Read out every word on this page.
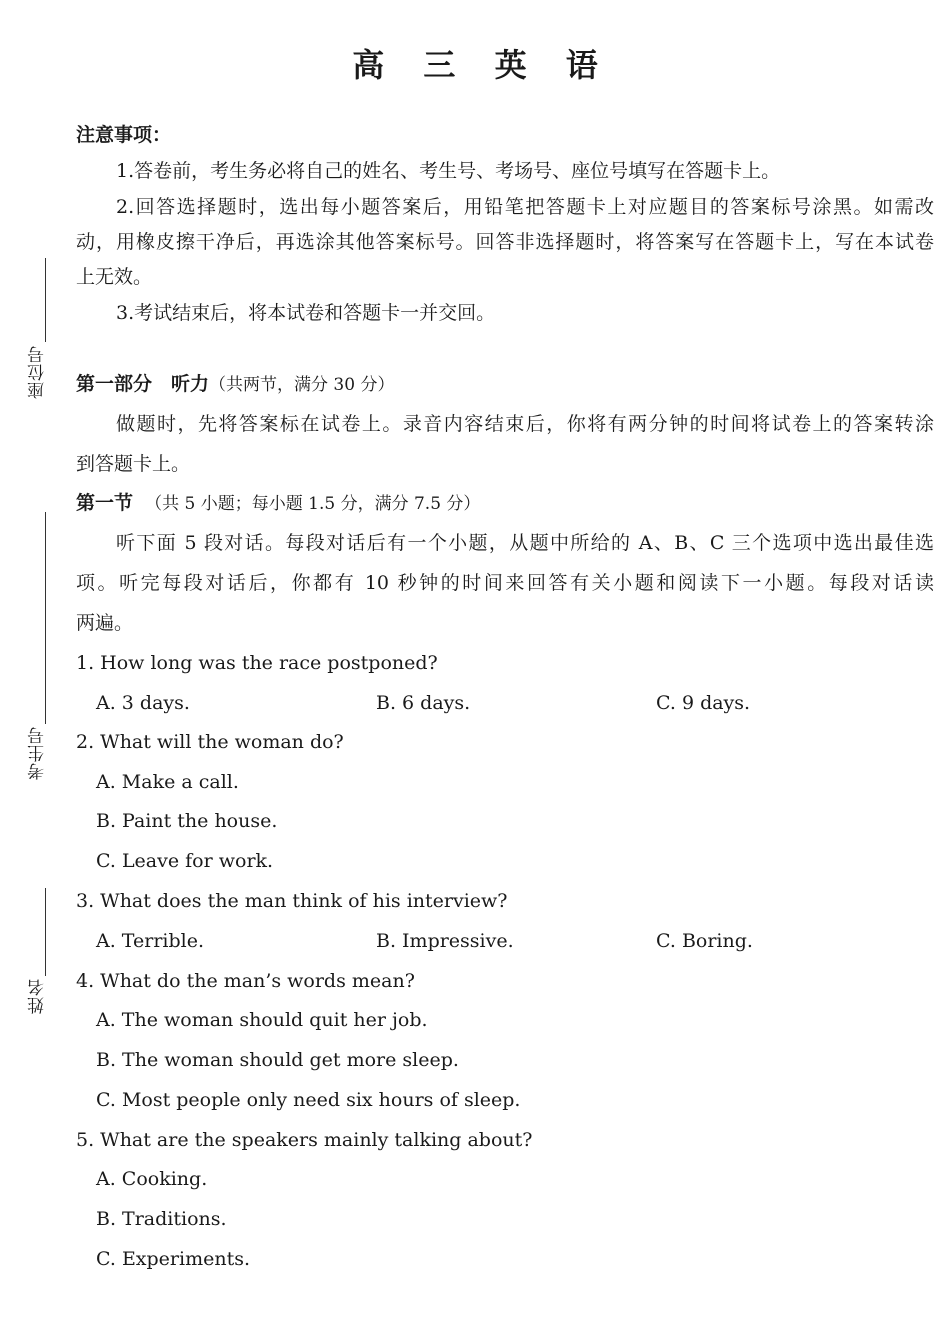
高 三 英 语
座位号
考生号
姓名
注意事项：
1.答卷前，考生务必将自己的姓名、考生号、考场号、座位号填写在答题卡上。
2.回答选择题时，选出每小题答案后，用铅笔把答题卡上对应题目的答案标号涂黑。如需改
动，用橡皮擦干净后，再选涂其他答案标号。回答非选择题时，将答案写在答题卡上，写在本试卷
上无效。
3.考试结束后，将本试卷和答题卡一并交回。
第一部分　听力（共两节，满分 30 分）
做题时，先将答案标在试卷上。录音内容结束后，你将有两分钟的时间将试卷上的答案转涂
到答题卡上。
第一节 （共 5 小题；每小题 1.5 分，满分 7.5 分）
听下面 5 段对话。每段对话后有一个小题，从题中所给的 A、B、C 三个选项中选出最佳选
项。听完每段对话后，你都有 10 秒钟的时间来回答有关小题和阅读下一小题。每段对话读
两遍。
1. How long was the race postponed?
A. 3 days.	B. 6 days.	C. 9 days.
2. What will the woman do?
A. Make a call.
B. Paint the house.
C. Leave for work.
3. What does the man think of his interview?
A. Terrible.	B. Impressive.	C. Boring.
4. What do the man’s words mean?
A. The woman should quit her job.
B. The woman should get more sleep.
C. Most people only need six hours of sleep.
5. What are the speakers mainly talking about?
A. Cooking.
B. Traditions.
C. Experiments.
